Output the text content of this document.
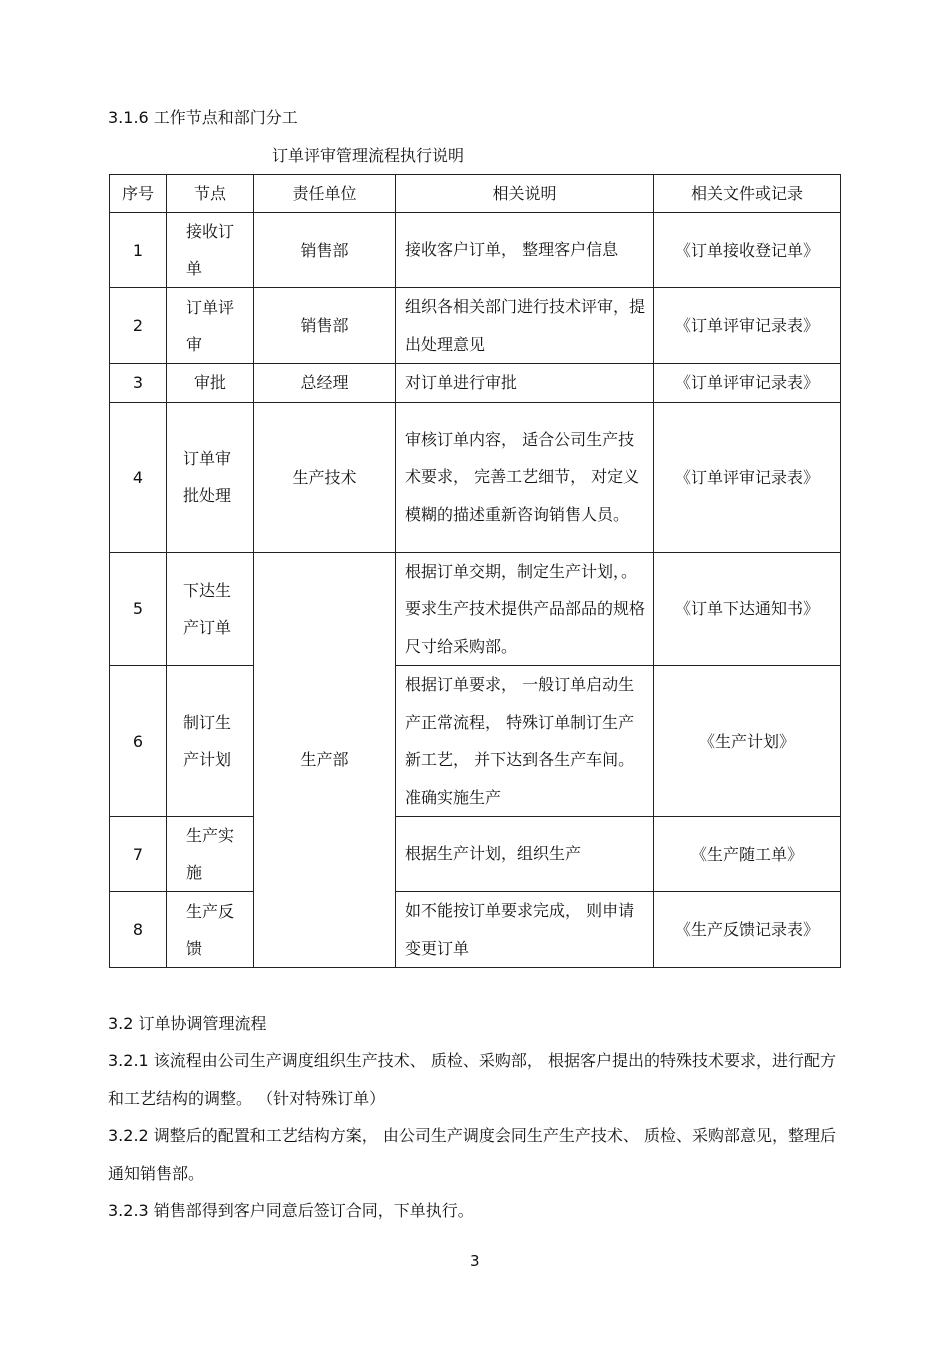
3.1.6 工作节点和部门分工
订单评审管理流程执行说明
序号	节点	责任单位	相关说明	相关文件或记录
1	接收订单	销售部	接收客户订单， 整理客户信息	《订单接收登记单》
2	订单评审	销售部	组织各相关部门进行技术评审，提出处理意见	《订单评审记录表》
3	审批	总经理	对订单进行审批	《订单评审记录表》
4	订单审批处理	生产技术	审核订单内容， 适合公司生产技术要求， 完善工艺细节， 对定义模糊的描述重新咨询销售人员。	《订单评审记录表》
5	下达生产订单	生产部	根据订单交期，制定生产计划，。要求生产技术提供产品部品的规格尺寸给采购部。	《订单下达通知书》
6	制订生产计划		根据订单要求， 一般订单启动生产正常流程， 特殊订单制订生产新工艺， 并下达到各生产车间。准确实施生产	《生产计划》
7	生产实施		根据生产计划，组织生产	《生产随工单》
8	生产反馈		如不能按订单要求完成， 则申请变更订单	《生产反馈记录表》
3.2 订单协调管理流程
3.2.1 该流程由公司生产调度组织生产技术、 质检、采购部， 根据客户提出的特殊技术要求，进行配方和工艺结构的调整。 （针对特殊订单）
3.2.2 调整后的配置和工艺结构方案， 由公司生产调度会同生产生产技术、 质检、采购部意见，整理后通知销售部。
3.2.3 销售部得到客户同意后签订合同，下单执行。
3
